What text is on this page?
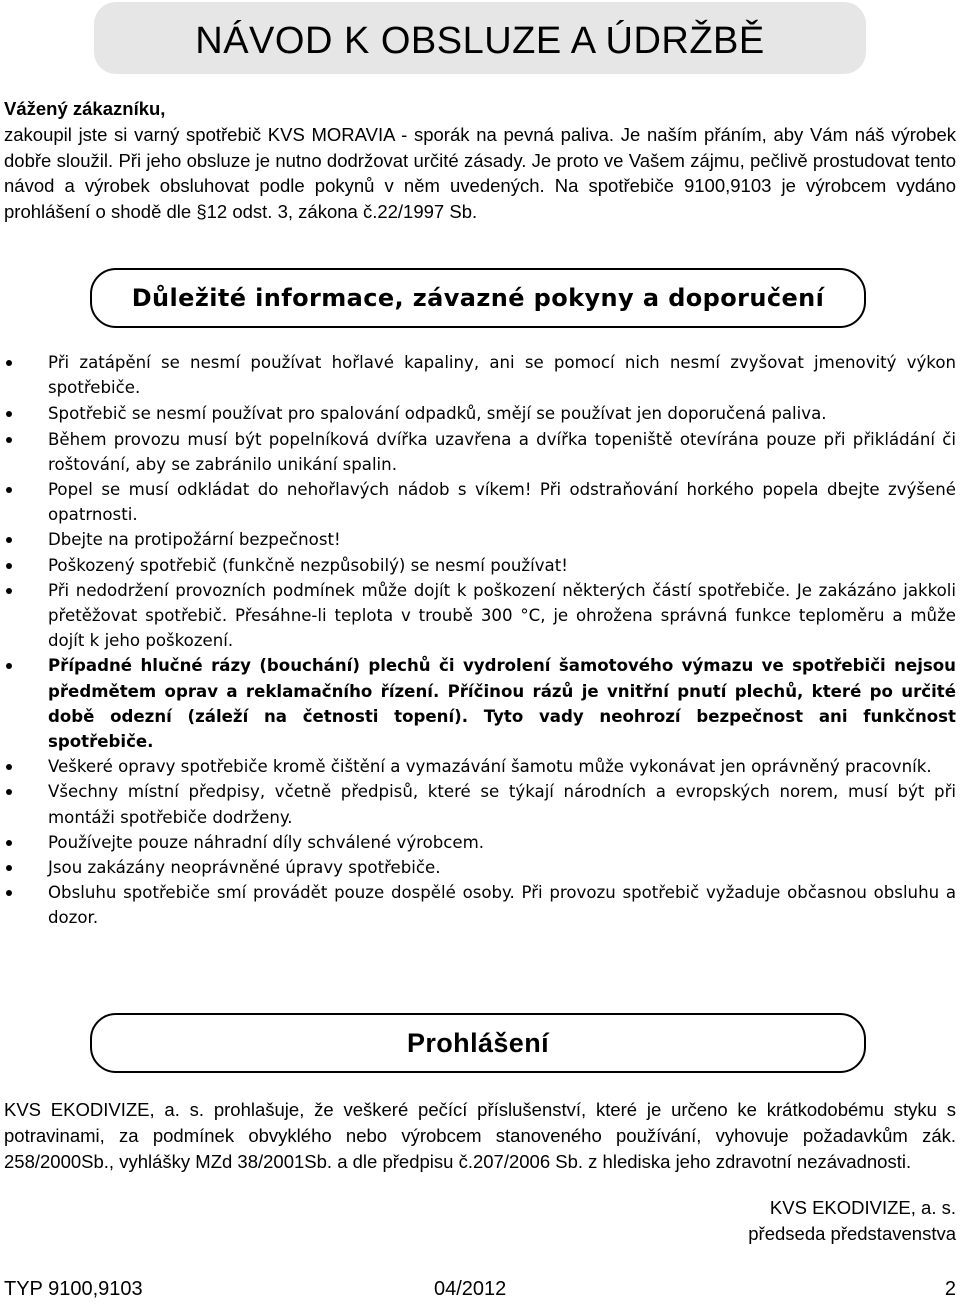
NÁVOD K OBSLUZE A ÚDRŽBĚ
Vážený zákazníku,
zakoupil jste si varný spotřebič KVS MORAVIA - sporák na pevná paliva. Je naším přáním, aby Vám náš výrobek dobře sloužil. Při jeho obsluze je nutno dodržovat určité zásady. Je proto ve Vašem zájmu, pečlivě prostudovat tento návod a výrobek obsluhovat podle pokynů v něm uvedených. Na spotřebiče 9100,9103 je výrobcem vydáno prohlášení o shodě dle §12 odst. 3, zákona č.22/1997 Sb.
Důležité informace, závazné pokyny a doporučení
Při zatápění se nesmí používat hořlavé kapaliny, ani se pomocí nich nesmí zvyšovat jmenovitý výkon spotřebiče.
Spotřebič se nesmí používat pro spalování odpadků, smějí se používat jen doporučená paliva.
Během provozu musí být popelníková dvířka uzavřena a dvířka topeniště otevírána pouze při přikládání či roštování, aby se zabránilo unikání spalin.
Popel se musí odkládat do nehořlavých nádob s víkem! Při odstraňování horkého popela dbejte zvýšené opatrnosti.
Dbejte na protipožární bezpečnost!
Poškozený spotřebič (funkčně nezpůsobilý) se nesmí používat!
Při nedodržení provozních podmínek může dojít k poškození některých částí spotřebiče. Je zakázáno jakkoli přetěžovat spotřebič. Přesáhne-li teplota v troubě 300 °C, je ohrožena správná funkce teploměru a může dojít k jeho poškození.
Případné hlučné rázy (bouchání) plechů či vydrolení šamotového výmazu ve spotřebiči nejsou předmětem oprav a reklamačního řízení. Příčinou rázů je vnitřní pnutí plechů, které po určité době odezní (záleží na četnosti topení). Tyto vady neohrozí bezpečnost ani funkčnost spotřebiče.
Veškeré opravy spotřebiče kromě čištění a vymazávání šamotu může vykonávat jen oprávněný pracovník.
Všechny místní předpisy, včetně předpisů, které se týkají národních a evropských norem, musí být při montáži spotřebiče dodrženy.
Používejte pouze náhradní díly schválené výrobcem.
Jsou zakázány neoprávněné úpravy spotřebiče.
Obsluhu spotřebiče smí provádět pouze dospělé osoby. Při provozu spotřebič vyžaduje občasnou obsluhu a dozor.
Prohlášení
KVS EKODIVIZE, a. s. prohlašuje, že veškeré pečící příslušenství, které je určeno ke krátkodobému styku s potravinami, za podmínek obvyklého nebo výrobcem stanoveného používání, vyhovuje požadavkům zák. 258/2000Sb., vyhlášky MZd 38/2001Sb. a dle předpisu č.207/2006 Sb. z hlediska jeho zdravotní nezávadnosti.
KVS EKODIVIZE, a. s.
předseda představenstva
TYP 9100,9103	04/2012	2
